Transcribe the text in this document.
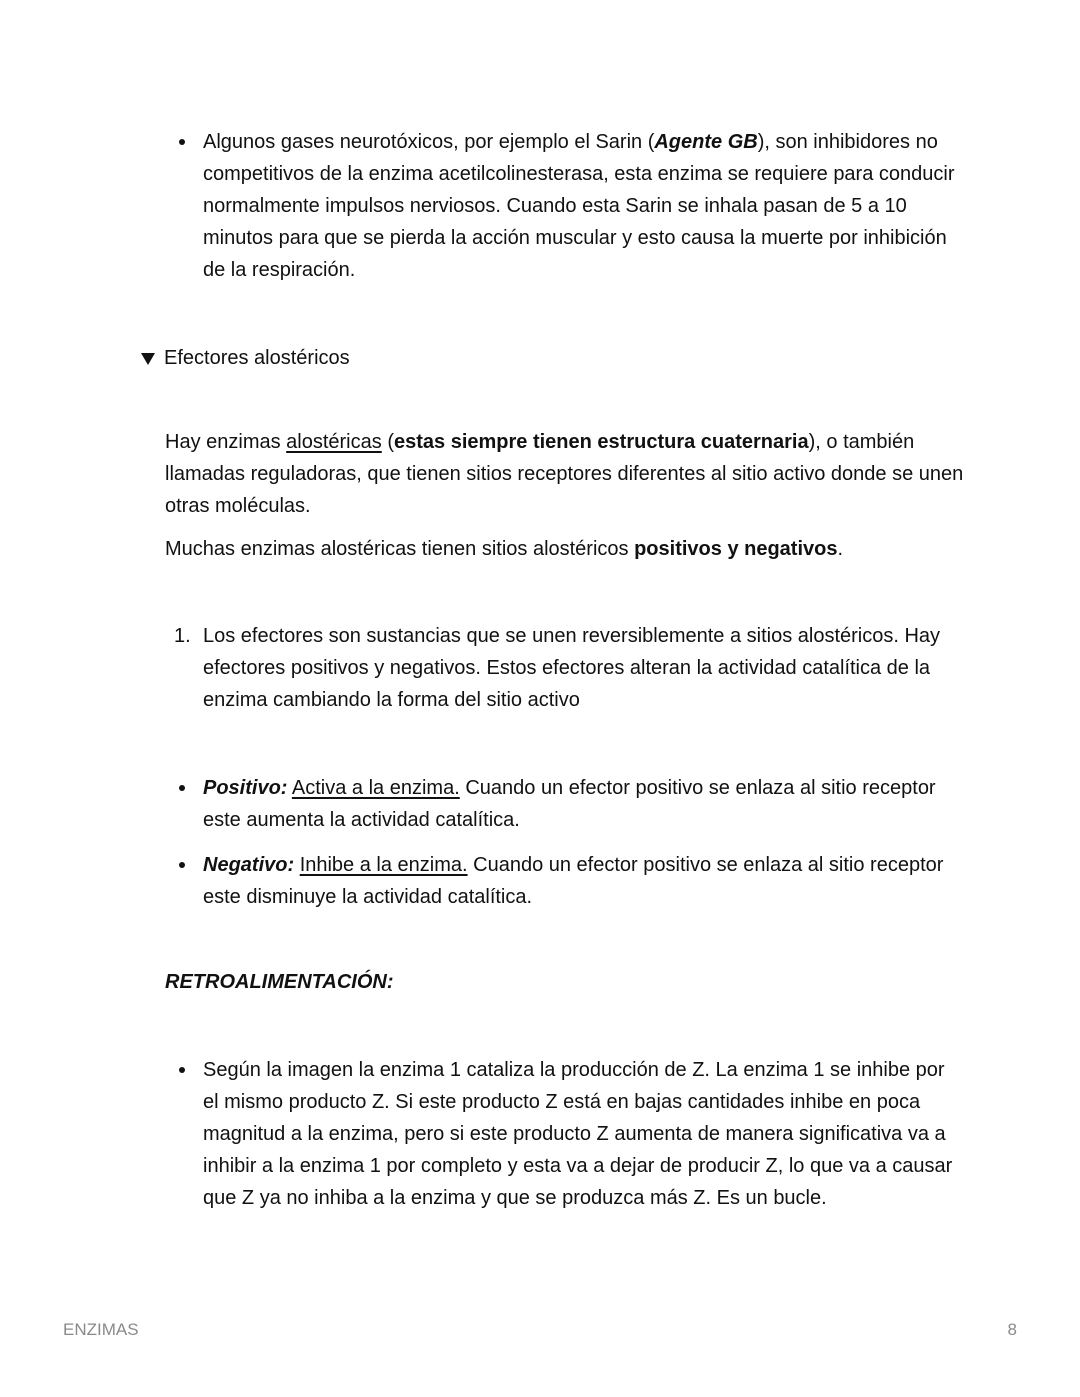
Algunos gases neurotóxicos, por ejemplo el Sarin (Agente GB), son inhibidores no competitivos de la enzima acetilcolinesterasa, esta enzima se requiere para conducir normalmente impulsos nerviosos. Cuando esta Sarin se inhala pasan de 5 a 10 minutos para que se pierda la acción muscular y esto causa la muerte por inhibición de la respiración.
Efectores alostéricos
Hay enzimas alostéricas (estas siempre tienen estructura cuaternaria), o también llamadas reguladoras, que tienen sitios receptores diferentes al sitio activo donde se unen otras moléculas.
Muchas enzimas alostéricas tienen sitios alostéricos positivos y negativos.
1. Los efectores son sustancias que se unen reversiblemente a sitios alostéricos. Hay efectores positivos y negativos. Estos efectores alteran la actividad catalítica de la enzima cambiando la forma del sitio activo
Positivo: Activa a la enzima. Cuando un efector positivo se enlaza al sitio receptor este aumenta la actividad catalítica.
Negativo: Inhibe a la enzima. Cuando un efector positivo se enlaza al sitio receptor este disminuye la actividad catalítica.
RETROALIMENTACIÓN:
Según la imagen la enzima 1 cataliza la producción de Z. La enzima 1 se inhibe por el mismo producto Z. Si este producto Z está en bajas cantidades inhibe en poca magnitud a la enzima, pero si este producto Z aumenta de manera significativa va a inhibir a la enzima 1 por completo y esta va a dejar de producir Z, lo que va a causar que Z ya no inhiba a la enzima y que se produzca más Z. Es un bucle.
ENZIMAS	8
